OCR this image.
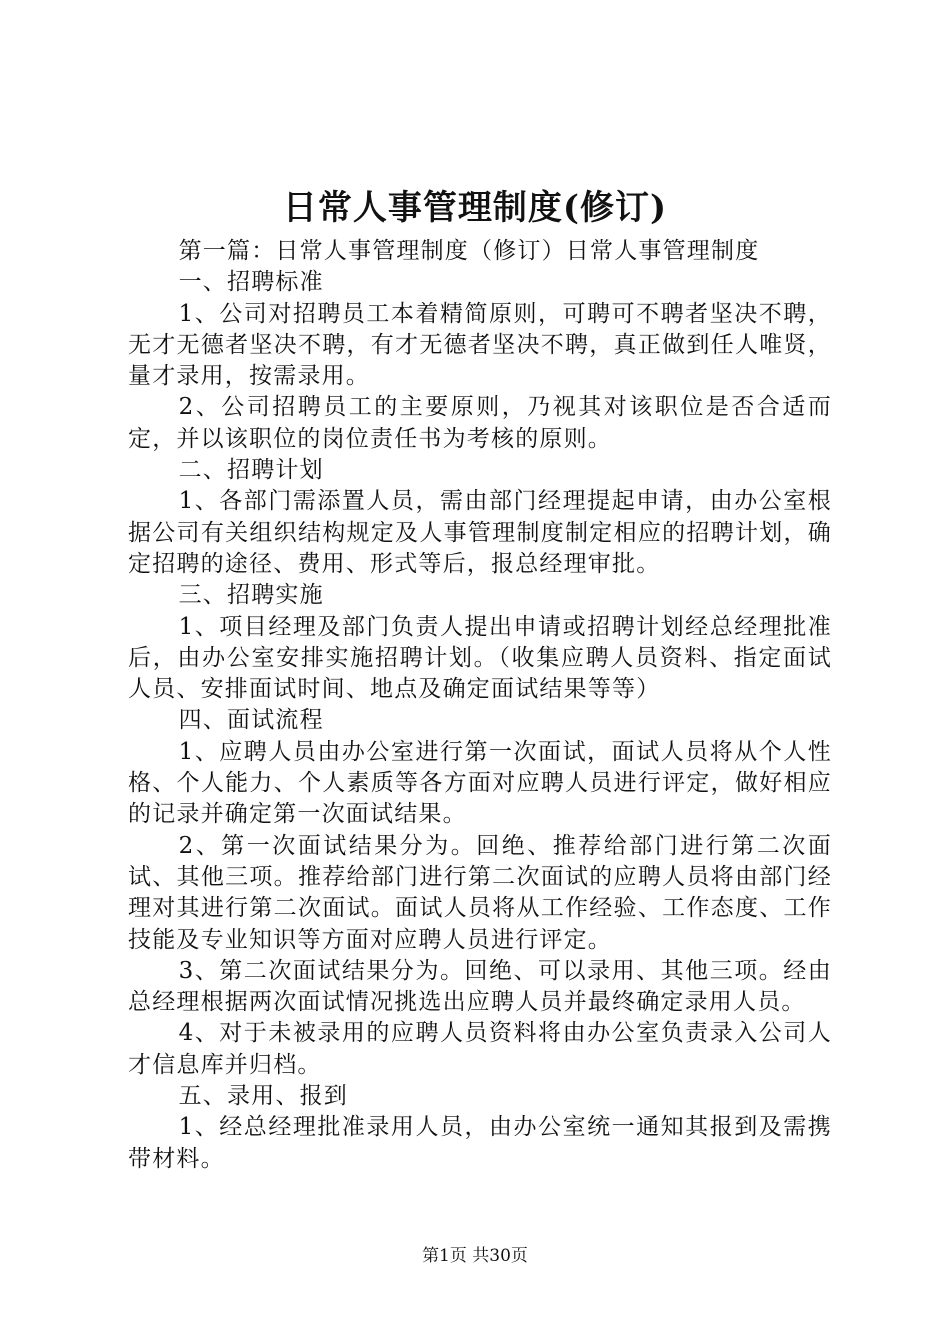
日常人事管理制度(修订)

第一篇：日常人事管理制度（修订）日常人事管理制度

一、招聘标准

1、公司对招聘员工本着精简原则，可聘可不聘者坚决不聘，无才无德者坚决不聘，有才无德者坚决不聘，真正做到任人唯贤，量才录用，按需录用。

2、公司招聘员工的主要原则，乃视其对该职位是否合适而定，并以该职位的岗位责任书为考核的原则。

二、招聘计划

1、各部门需添置人员，需由部门经理提起申请，由办公室根据公司有关组织结构规定及人事管理制度制定相应的招聘计划，确定招聘的途径、费用、形式等后，报总经理审批。

三、招聘实施

1、项目经理及部门负责人提出申请或招聘计划经总经理批准后，由办公室安排实施招聘计划。（收集应聘人员资料、指定面试人员、安排面试时间、地点及确定面试结果等等）

四、面试流程

1、应聘人员由办公室进行第一次面试，面试人员将从个人性格、个人能力、个人素质等各方面对应聘人员进行评定，做好相应的记录并确定第一次面试结果。

2、第一次面试结果分为。回绝、推荐给部门进行第二次面试、其他三项。推荐给部门进行第二次面试的应聘人员将由部门经理对其进行第二次面试。面试人员将从工作经验、工作态度、工作技能及专业知识等方面对应聘人员进行评定。

3、第二次面试结果分为。回绝、可以录用、其他三项。经由总经理根据两次面试情况挑选出应聘人员并最终确定录用人员。

4、对于未被录用的应聘人员资料将由办公室负责录入公司人才信息库并归档。

五、录用、报到

1、经总经理批准录用人员，由办公室统一通知其报到及需携带材料。

第1页 共30页
